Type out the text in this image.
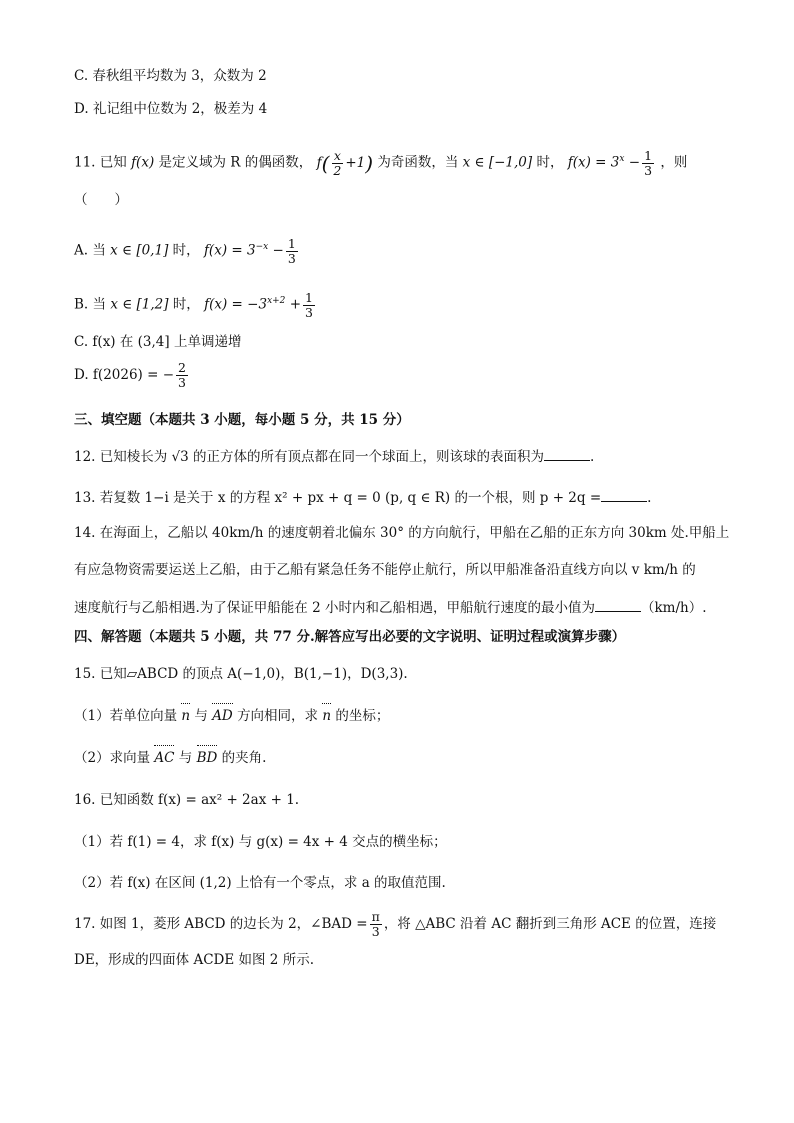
C. 春秋组平均数为 3，众数为 2
D. 礼记组中位数为 2，极差为 4
11. 已知 f(x) 是定义域为 R 的偶函数， $f( \frac{x}{2} +1)$ 为奇函数，当 x ∈ [−1,0] 时， $f(x) = 3^x - \frac{1}{3}$ ，则
（　　）
A. 当 x ∈ [0,1] 时， $f(x) = 3^{-x} - \frac{1}{3}$
B. 当 x ∈ [1,2] 时， $f(x) = -3^{x+2} + \frac{1}{3}$
C. f(x) 在 (3,4] 上单调递增
D. f(2026) = − $\frac{2}{3}$
三、填空题（本题共 3 小题，每小题 5 分，共 15 分）
12. 已知棱长为 √3 的正方体的所有顶点都在同一个球面上，则该球的表面积为	.
13. 若复数 1−i 是关于 x 的方程 x² + px + q = 0 (p, q ∈ R) 的一个根，则 p + 2q =	.
14. 在海面上，乙船以 40km/h 的速度朝着北偏东 30° 的方向航行，甲船在乙船的正东方向 30km 处.甲船上
有应急物资需要运送上乙船，由于乙船有紧急任务不能停止航行，所以甲船准备沿直线方向以 v km/h 的
速度航行与乙船相遇.为了保证甲船能在 2 小时内和乙船相遇，甲船航行速度的最小值为	（km/h）.
四、解答题（本题共 5 小题，共 77 分.解答应写出必要的文字说明、证明过程或演算步骤）
15. 已知▱ABCD 的顶点 A(−1,0)，B(1,−1)，D(3,3).
（1）若单位向量 n 与 AD 方向相同，求 n 的坐标；
（2）求向量 AC 与 BD 的夹角.
16. 已知函数 f(x) = ax² + 2ax + 1.
（1）若 f(1) = 4，求 f(x) 与 g(x) = 4x + 4 交点的横坐标；
（2）若 f(x) 在区间 (1,2) 上恰有一个零点，求 a 的取值范围.
17. 如图 1，菱形 ABCD 的边长为 2，∠BAD = $\frac{\pi}{3}$ ，将 △ABC 沿着 AC 翻折到三角形 ACE 的位置，连接
DE，形成的四面体 ACDE 如图 2 所示.
